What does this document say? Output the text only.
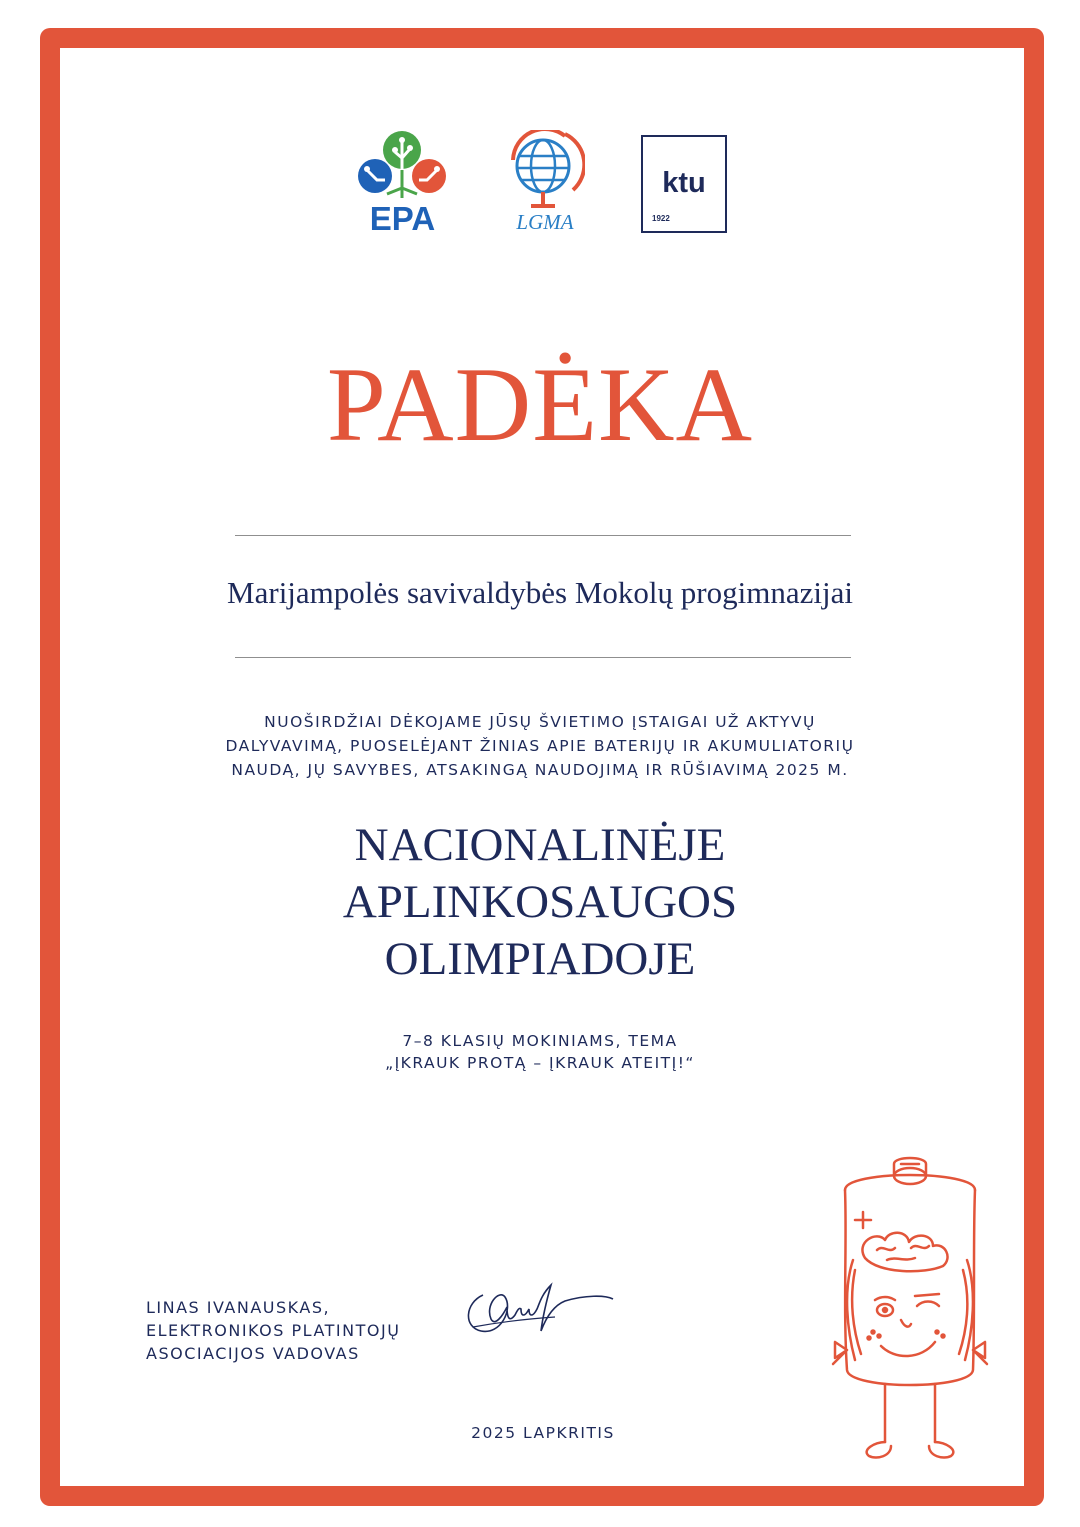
EPA	LGMA
ktu
1922
PADĖKA
Marijampolės savivaldybės Mokolų progimnazijai
NUOŠIRDŽIAI DĖKOJAME JŪSŲ ŠVIETIMO ĮSTAIGAI UŽ AKTYVŲ
DALYVAVIMĄ, PUOSELĖJANT ŽINIAS APIE BATERIJŲ IR AKUMULIATORIŲ
NAUDĄ, JŲ SAVYBES, ATSAKINGĄ NAUDOJIMĄ IR RŪŠIAVIMĄ 2025 M.
NACIONALINĖJE
APLINKOSAUGOS
OLIMPIADOJE
7–8 KLASIŲ MOKINIAMS, TEMA
„ĮKRAUK PROTĄ – ĮKRAUK ATEITĮ!“
LINAS IVANAUSKAS,
ELEKTRONIKOS PLATINTOJŲ
ASOCIACIJOS VADOVAS
2025 LAPKRITIS
